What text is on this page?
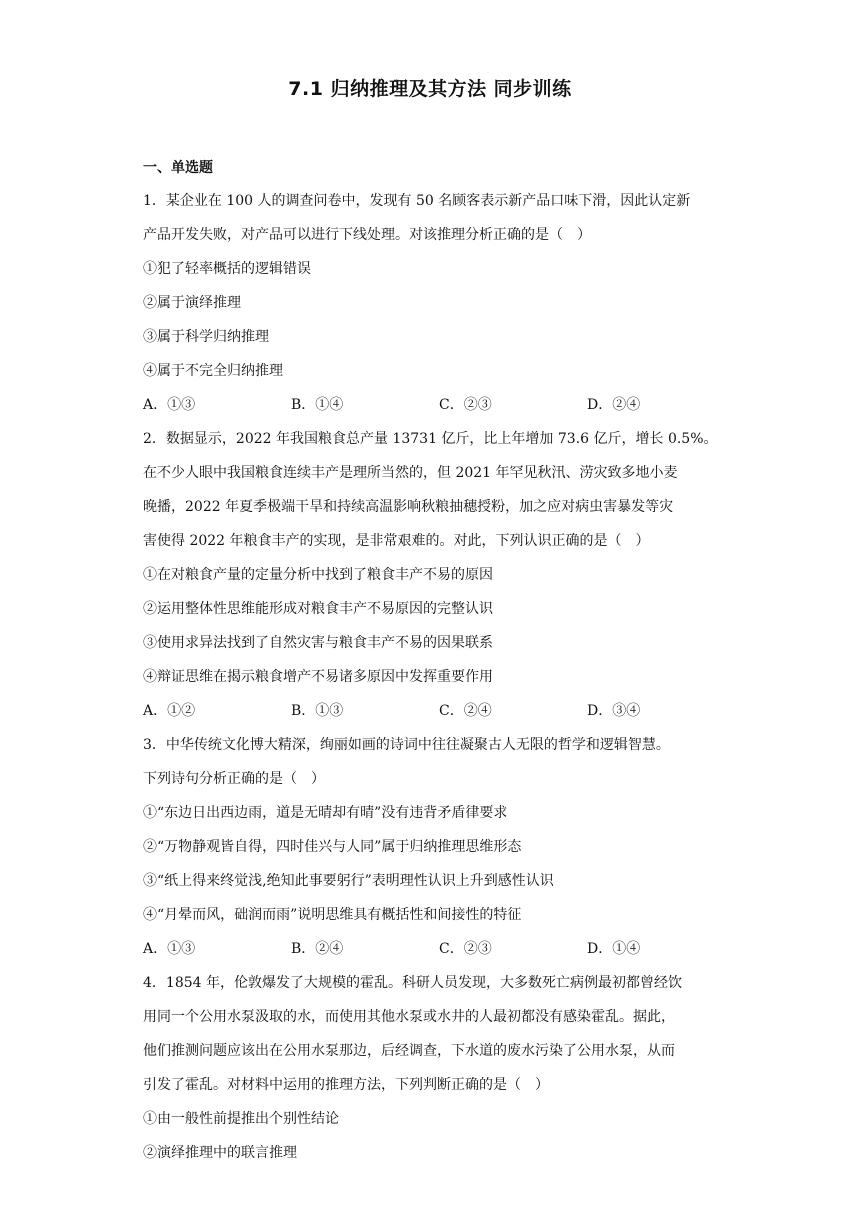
7.1 归纳推理及其方法 同步训练
一、单选题
1．某企业在 100 人的调查问卷中，发现有 50 名顾客表示新产品口味下滑，因此认定新
产品开发失败，对产品可以进行下线处理。对该推理分析正确的是（　）
①犯了轻率概括的逻辑错误
②属于演绎推理
③属于科学归纳推理
④属于不完全归纳推理
A．①③	B．①④	C．②③	D．②④
2．数据显示，2022 年我国粮食总产量 13731 亿斤，比上年增加 73.6 亿斤，增长 0.5%。
在不少人眼中我国粮食连续丰产是理所当然的，但 2021 年罕见秋汛、涝灾致多地小麦
晚播，2022 年夏季极端干旱和持续高温影响秋粮抽穗授粉，加之应对病虫害暴发等灾
害使得 2022 年粮食丰产的实现，是非常艰难的。对此，下列认识正确的是（　）
①在对粮食产量的定量分析中找到了粮食丰产不易的原因
②运用整体性思维能形成对粮食丰产不易原因的完整认识
③使用求异法找到了自然灾害与粮食丰产不易的因果联系
④辩证思维在揭示粮食增产不易诸多原因中发挥重要作用
A．①②	B．①③	C．②④	D．③④
3．中华传统文化博大精深，绚丽如画的诗词中往往凝聚古人无限的哲学和逻辑智慧。
下列诗句分析正确的是（　）
①“东边日出西边雨，道是无晴却有晴”没有违背矛盾律要求
②“万物静观皆自得，四时佳兴与人同”属于归纳推理思维形态
③“纸上得来终觉浅,绝知此事要躬行”表明理性认识上升到感性认识
④“月晕而风，础润而雨”说明思维具有概括性和间接性的特征
A．①③	B．②④	C．②③	D．①④
4．1854 年，伦敦爆发了大规模的霍乱。科研人员发现，大多数死亡病例最初都曾经饮
用同一个公用水泵汲取的水，而使用其他水泵或水井的人最初都没有感染霍乱。据此，
他们推测问题应该出在公用水泵那边，后经调查，下水道的废水污染了公用水泵，从而
引发了霍乱。对材料中运用的推理方法，下列判断正确的是（　）
①由一般性前提推出个别性结论
②演绎推理中的联言推理
